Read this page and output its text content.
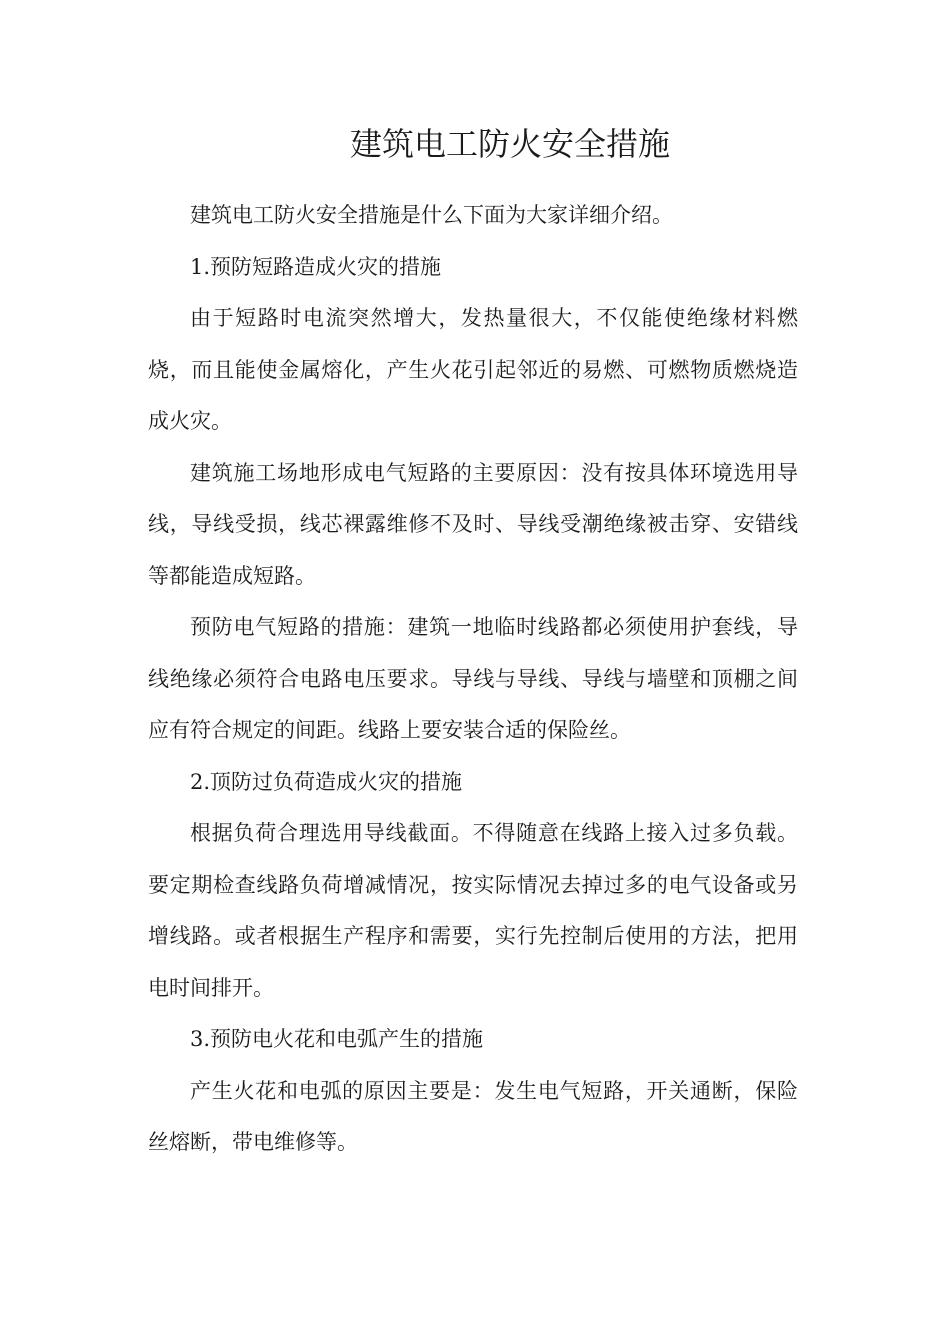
建筑电工防火安全措施

建筑电工防火安全措施是什么下面为大家详细介绍。

1.预防短路造成火灾的措施

由于短路时电流突然增大，发热量很大，不仅能使绝缘材料燃烧，而且能使金属熔化，产生火花引起邻近的易燃、可燃物质燃烧造成火灾。

建筑施工场地形成电气短路的主要原因：没有按具体环境选用导线，导线受损，线芯裸露维修不及时、导线受潮绝缘被击穿、安错线等都能造成短路。

预防电气短路的措施：建筑一地临时线路都必须使用护套线，导线绝缘必须符合电路电压要求。导线与导线、导线与墙壁和顶棚之间应有符合规定的间距。线路上要安装合适的保险丝。

2.顶防过负荷造成火灾的措施

根据负荷合理选用导线截面。不得随意在线路上接入过多负载。要定期检查线路负荷增减情况，按实际情况去掉过多的电气设备或另增线路。或者根据生产程序和需要，实行先控制后使用的方法，把用电时间排开。

3.预防电火花和电弧产生的措施

产生火花和电弧的原因主要是：发生电气短路，开关通断，保险丝熔断，带电维修等。
